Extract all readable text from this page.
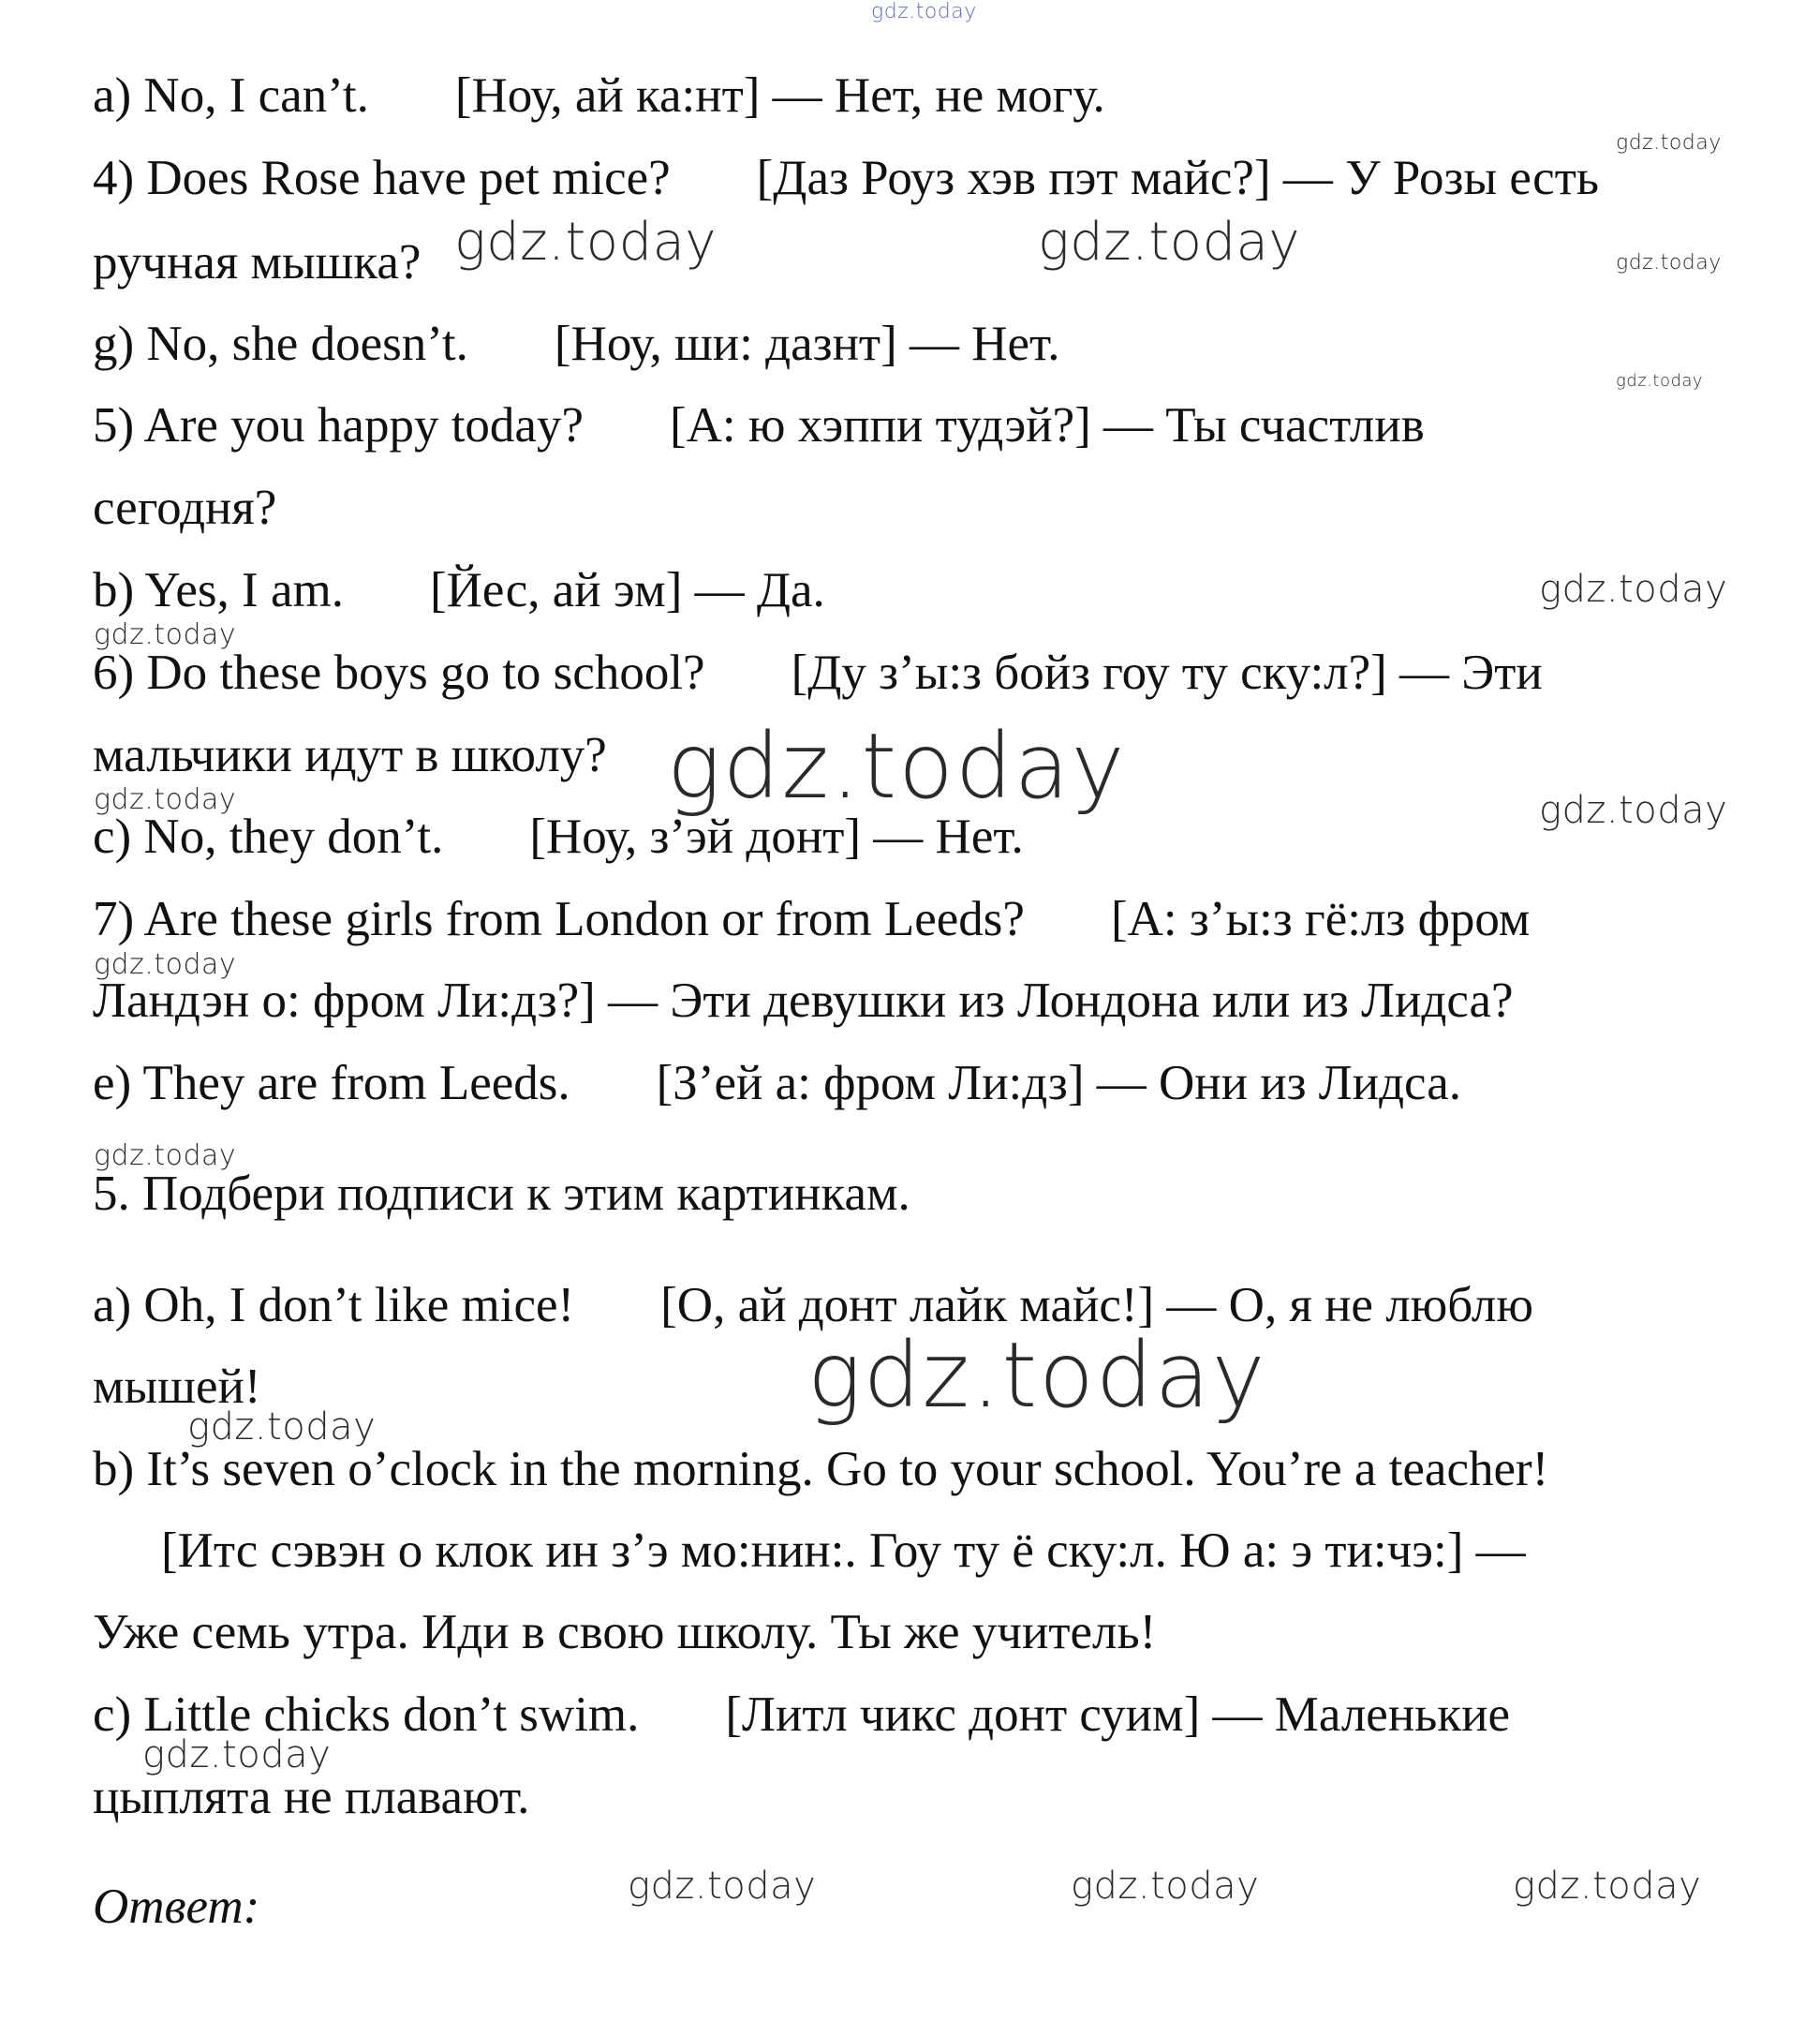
a) No, I can’t. [Ноу, ай ка:нт] — Нет, не могу.
4) Does Rose have pet mice? [Даз Роуз хэв пэт майс?] — У Розы есть
ручная мышка?
g) No, she doesn’t. [Ноу, ши: дазнт] — Нет.
5) Are you happy today? [А: ю хэппи тудэй?] — Ты счастлив
сегодня?
b) Yes, I am. [Йес, ай эм] — Да.
6) Do these boys go to school? [Ду з’ы:з бойз гоу ту ску:л?] — Эти
мальчики идут в школу?
c) No, they don’t. [Ноу, з’эй донт] — Нет.
7) Are these girls from London or from Leeds? [А: з’ы:з гё:лз фром
Ландэн о: фром Ли:дз?] — Эти девушки из Лондона или из Лидса?
e) They are from Leeds. [З’ей а: фром Ли:дз] — Они из Лидса.
5. Подбери подписи к этим картинкам.
a) Oh, I don’t like mice! [О, ай донт лайк майс!] — О, я не люблю
мышей!
b) It’s seven o’clock in the morning. Go to your school. You’re a teacher!
[Итс сэвэн о клок ин з’э мо:нин:. Гоу ту ё ску:л. Ю а: э ти:чэ:] —
Уже семь утра. Иди в свою школу. Ты же учитель!
c) Little chicks don’t swim. [Литл чикс донт суим] — Маленькие
цыплята не плавают.
Ответ:
gdz.today
gdz.today
gdz.today	gdz.today	gdz.today
gdz.today
gdz.today
gdz.today
gdz.today
gdz.today	gdz.today
gdz.today
gdz.today
gdz.today
gdz.today
gdz.today
gdz.today	gdz.today	gdz.today
